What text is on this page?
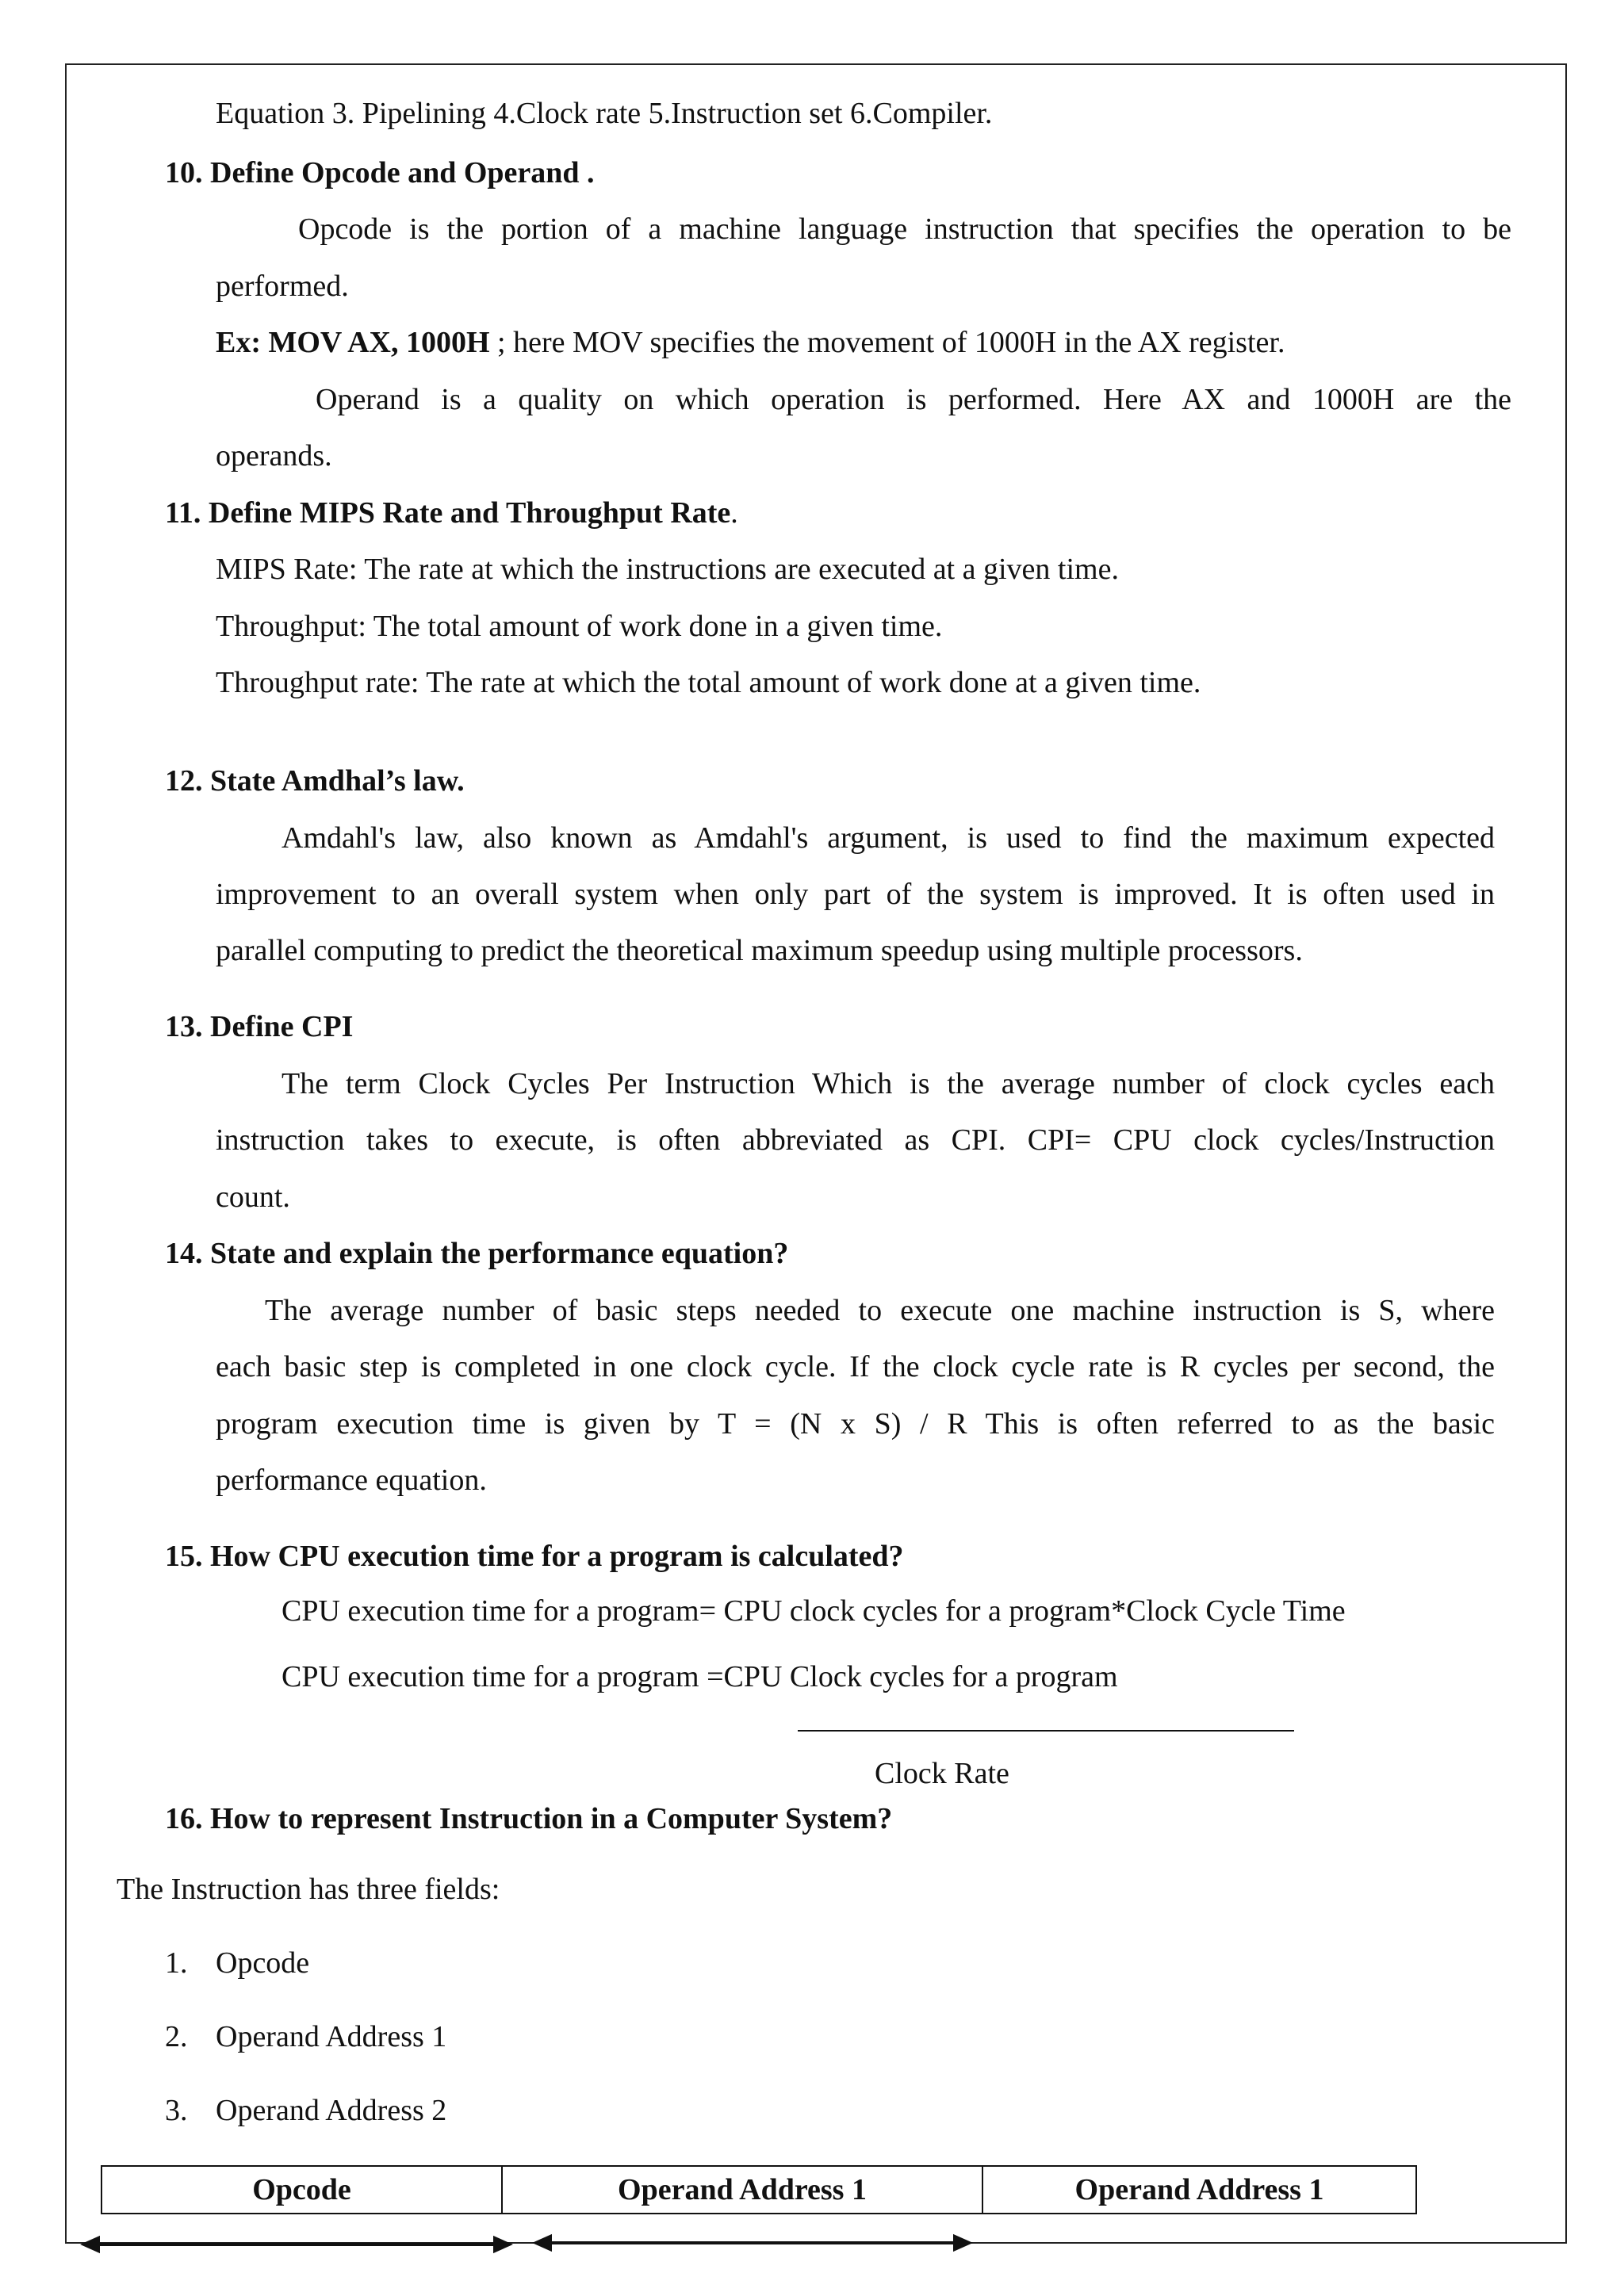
Equation 3. Pipelining 4.Clock rate 5.Instruction set 6.Compiler.
10. Define Opcode and Operand .
Opcode is the portion of a machine language instruction that specifies the operation to be
performed.
Ex: MOV AX, 1000H ; here MOV specifies the movement of 1000H in the AX register.
Operand is a quality on which operation is performed. Here AX and 1000H are the
operands.
11. Define MIPS Rate and Throughput Rate.
MIPS Rate: The rate at which the instructions are executed at a given time.
Throughput: The total amount of work done in a given time.
Throughput rate: The rate at which the total amount of work done at a given time.
12. State Amdhal’s law.
Amdahl's law, also known as Amdahl's argument, is used to find the maximum expected
improvement to an overall system when only part of the system is improved. It is often used in
parallel computing to predict the theoretical maximum speedup using multiple processors.
13. Define CPI
The term Clock Cycles Per Instruction Which is the average number of clock cycles each
instruction takes to execute, is often abbreviated as CPI. CPI= CPU clock cycles/Instruction
count.
14. State and explain the performance equation?
The average number of basic steps needed to execute one machine instruction is S, where
each basic step is completed in one clock cycle. If the clock cycle rate is R cycles per second, the
program execution time is given by T = (N x S) / R This is often referred to as the basic
performance equation.
15. How CPU execution time for a program is calculated?
CPU execution time for a program= CPU clock cycles for a program*Clock Cycle Time
CPU execution time for a program =CPU Clock cycles for a program
Clock Rate
16. How to represent Instruction in a Computer System?
The Instruction has three fields:
1. Opcode
2. Operand Address 1
3. Operand Address 2
Opcode	Operand Address 1	Operand Address 1
